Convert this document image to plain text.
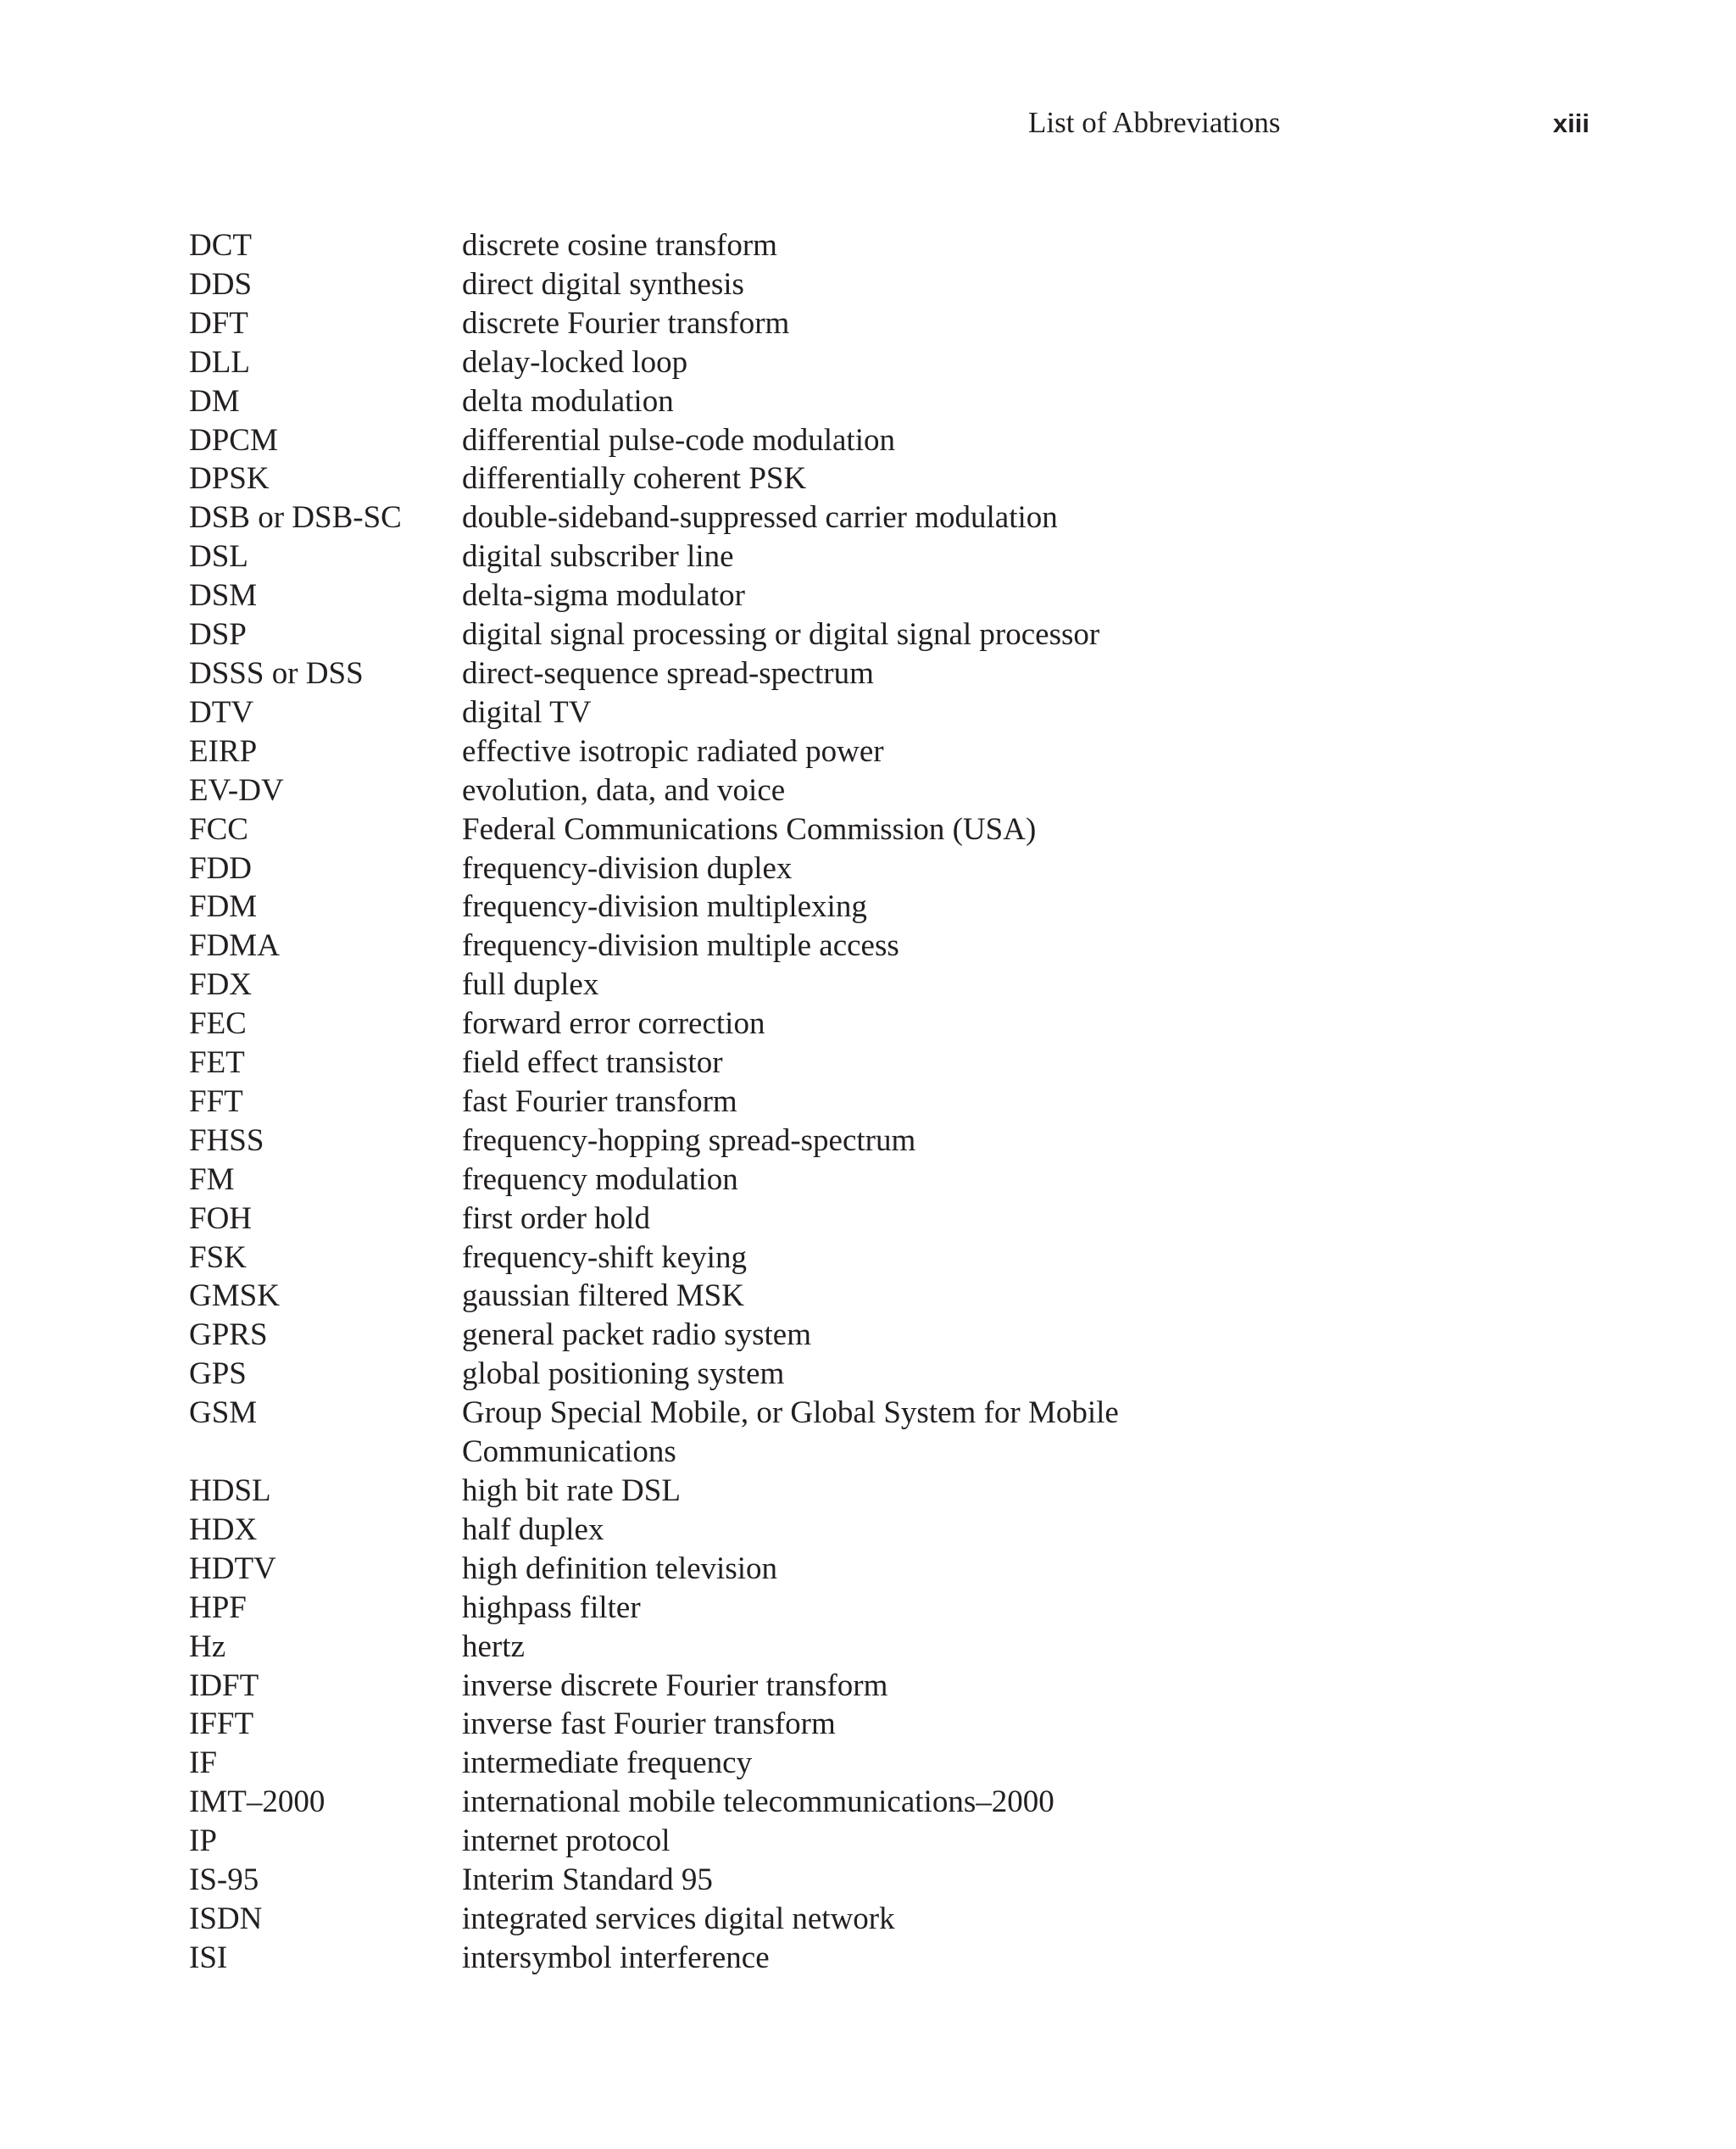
List of Abbreviations	xiii
DCT	discrete cosine transform
DDS	direct digital synthesis
DFT	discrete Fourier transform
DLL	delay-locked loop
DM	delta modulation
DPCM	differential pulse-code modulation
DPSK	differentially coherent PSK
DSB or DSB-SC	double-sideband-suppressed carrier modulation
DSL	digital subscriber line
DSM	delta-sigma modulator
DSP	digital signal processing or digital signal processor
DSSS or DSS	direct-sequence spread-spectrum
DTV	digital TV
EIRP	effective isotropic radiated power
EV-DV	evolution, data, and voice
FCC	Federal Communications Commission (USA)
FDD	frequency-division duplex
FDM	frequency-division multiplexing
FDMA	frequency-division multiple access
FDX	full duplex
FEC	forward error correction
FET	field effect transistor
FFT	fast Fourier transform
FHSS	frequency-hopping spread-spectrum
FM	frequency modulation
FOH	first order hold
FSK	frequency-shift keying
GMSK	gaussian filtered MSK
GPRS	general packet radio system
GPS	global positioning system
GSM	Group Special Mobile, or Global System for Mobile Communications
HDSL	high bit rate DSL
HDX	half duplex
HDTV	high definition television
HPF	highpass filter
Hz	hertz
IDFT	inverse discrete Fourier transform
IFFT	inverse fast Fourier transform
IF	intermediate frequency
IMT–2000	international mobile telecommunications–2000
IP	internet protocol
IS-95	Interim Standard 95
ISDN	integrated services digital network
ISI	intersymbol interference
